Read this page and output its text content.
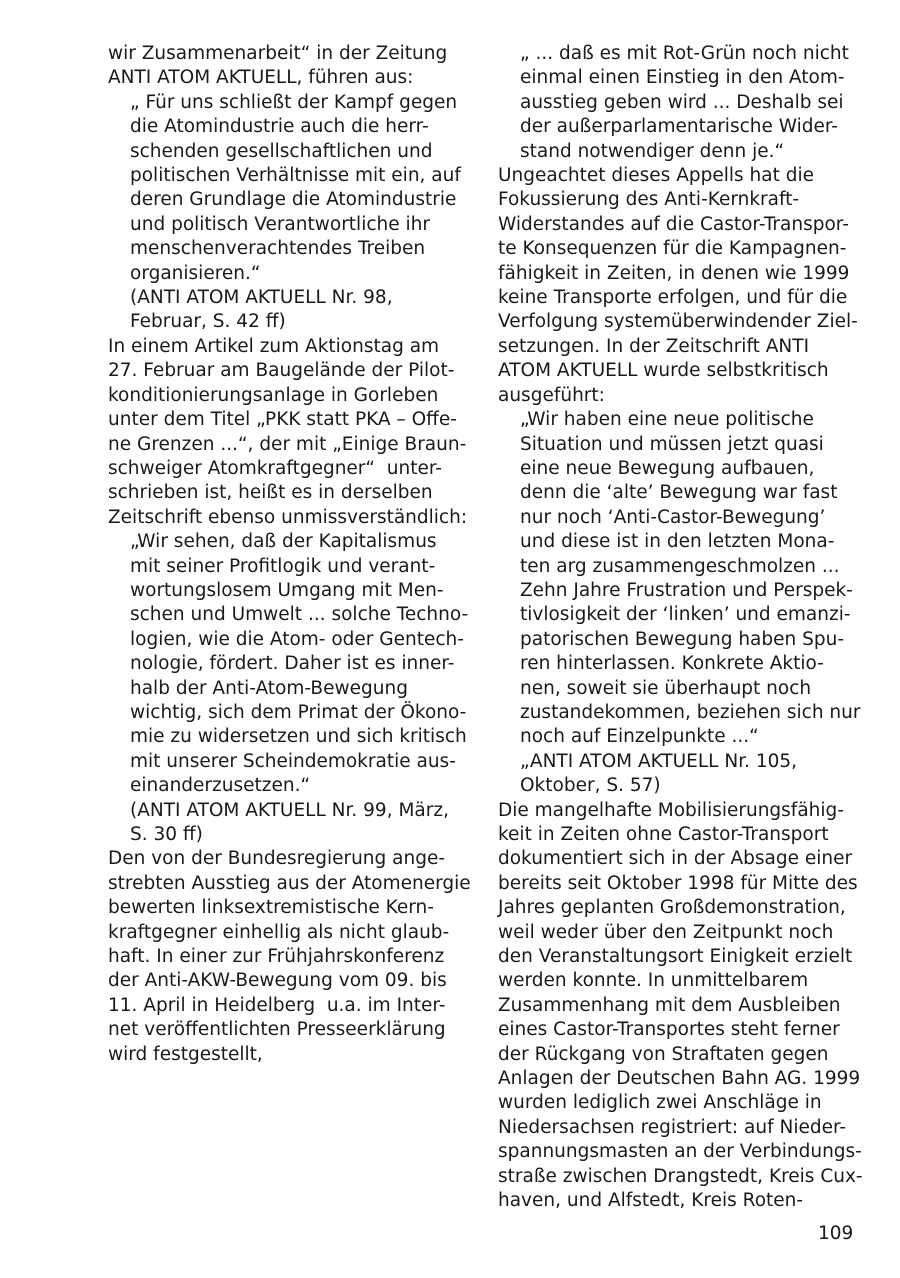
wir Zusammenarbeit“ in der Zeitung
ANTI ATOM AKTUELL, führen aus:
„ Für uns schließt der Kampf gegen
die Atomindustrie auch die herr-
schenden gesellschaftlichen und
politischen Verhältnisse mit ein, auf
deren Grundlage die Atomindustrie
und politisch Verantwortliche ihr
menschenverachtendes Treiben
organisieren.“
(ANTI ATOM AKTUELL Nr. 98,
Februar, S. 42 ff)
In einem Artikel zum Aktionstag am
27. Februar am Baugelände der Pilot-
konditionierungsanlage in Gorleben
unter dem Titel „PKK statt PKA – Offe-
ne Grenzen ...“, der mit „Einige Braun-
schweiger Atomkraftgegner“  unter-
schrieben ist, heißt es in derselben
Zeitschrift ebenso unmissverständlich:
„Wir sehen, daß der Kapitalismus
mit seiner Profitlogik und verant-
wortungslosem Umgang mit Men-
schen und Umwelt ... solche Techno-
logien, wie die Atom- oder Gentech-
nologie, fördert. Daher ist es inner-
halb der Anti-Atom-Bewegung
wichtig, sich dem Primat der Ökono-
mie zu widersetzen und sich kritisch
mit unserer Scheindemokratie aus-
einanderzusetzen.“
(ANTI ATOM AKTUELL Nr. 99, März,
S. 30 ff)
Den von der Bundesregierung ange-
strebten Ausstieg aus der Atomenergie
bewerten linksextremistische Kern-
kraftgegner einhellig als nicht glaub-
haft. In einer zur Frühjahrskonferenz
der Anti-AKW-Bewegung vom 09. bis
11. April in Heidelberg  u.a. im Inter-
net veröffentlichten Presseerklärung
wird festgestellt,
„ ... daß es mit Rot-Grün noch nicht
einmal einen Einstieg in den Atom-
ausstieg geben wird ... Deshalb sei
der außerparlamentarische Wider-
stand notwendiger denn je.“
Ungeachtet dieses Appells hat die
Fokussierung des Anti-Kernkraft-
Widerstandes auf die Castor-Transpor-
te Konsequenzen für die Kampagnen-
fähigkeit in Zeiten, in denen wie 1999
keine Transporte erfolgen, und für die
Verfolgung systemüberwindender Ziel-
setzungen. In der Zeitschrift ANTI
ATOM AKTUELL wurde selbstkritisch
ausgeführt:
„Wir haben eine neue politische
Situation und müssen jetzt quasi
eine neue Bewegung aufbauen,
denn die ‘alte’ Bewegung war fast
nur noch ‘Anti-Castor-Bewegung’
und diese ist in den letzten Mona-
ten arg zusammengeschmolzen ...
Zehn Jahre Frustration und Perspek-
tivlosigkeit der ‘linken’ und emanzi-
patorischen Bewegung haben Spu-
ren hinterlassen. Konkrete Aktio-
nen, soweit sie überhaupt noch
zustandekommen, beziehen sich nur
noch auf Einzelpunkte ...“
„ANTI ATOM AKTUELL Nr. 105,
Oktober, S. 57)
Die mangelhafte Mobilisierungsfähig-
keit in Zeiten ohne Castor-Transport
dokumentiert sich in der Absage einer
bereits seit Oktober 1998 für Mitte des
Jahres geplanten Großdemonstration,
weil weder über den Zeitpunkt noch
den Veranstaltungsort Einigkeit erzielt
werden konnte. In unmittelbarem
Zusammenhang mit dem Ausbleiben
eines Castor-Transportes steht ferner
der Rückgang von Straftaten gegen
Anlagen der Deutschen Bahn AG. 1999
wurden lediglich zwei Anschläge in
Niedersachsen registriert: auf Nieder-
spannungsmasten an der Verbindungs-
straße zwischen Drangstedt, Kreis Cux-
haven, und Alfstedt, Kreis Roten-
109
